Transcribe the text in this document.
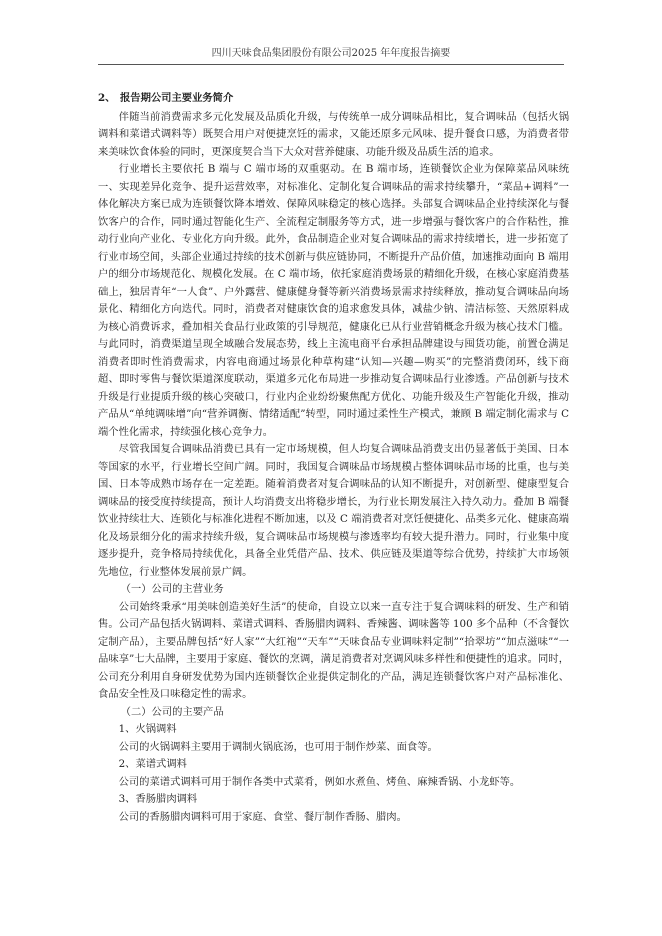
四川天味食品集团股份有限公司2025 年年度报告摘要
2、 报告期公司主要业务简介

伴随当前消费需求多元化发展及品质化升级，与传统单一成分调味品相比，复合调味品（包括火锅调料和菜谱式调料等）既契合用户对便捷烹饪的需求，又能还原多元风味、提升餐食口感，为消费者带来美味饮食体验的同时，更深度契合当下大众对营养健康、功能升级及品质生活的追求。

行业增长主要依托 B 端与 C 端市场的双重驱动。在 B 端市场，连锁餐饮企业为保障菜品风味统一、实现差异化竞争、提升运营效率，对标准化、定制化复合调味品的需求持续攀升，“菜品+调料”一体化解决方案已成为连锁餐饮降本增效、保障风味稳定的核心选择。头部复合调味品企业持续深化与餐饮客户的合作，同时通过智能化生产、全流程定制服务等方式，进一步增强与餐饮客户的合作粘性，推动行业向产业化、专业化方向升级。此外，食品制造企业对复合调味品的需求持续增长，进一步拓宽了行业市场空间，头部企业通过持续的技术创新与供应链协同，不断提升产品价值，加速推动面向 B 端用户的细分市场规范化、规模化发展。在 C 端市场，依托家庭消费场景的精细化升级，在核心家庭消费基础上，独居青年“一人食”、户外露营、健康健身餐等新兴消费场景需求持续释放，推动复合调味品向场景化、精细化方向迭代。同时，消费者对健康饮食的追求愈发具体，减盐少钠、清洁标签、天然原料成为核心消费诉求，叠加相关食品行业政策的引导规范，健康化已从行业营销概念升级为核心技术门槛。与此同时，消费渠道呈现全域融合发展态势，线上主流电商平台承担品牌建设与囤货功能，前置仓满足消费者即时性消费需求，内容电商通过场景化种草构建“认知—兴趣—购买”的完整消费闭环，线下商超、即时零售与餐饮渠道深度联动，渠道多元化布局进一步推动复合调味品行业渗透。产品创新与技术升级是行业提质升级的核心突破口，行业内企业纷纷聚焦配方优化、功能升级及生产智能化升级，推动产品从“单纯调味增”向“营养调衡、情绪适配”转型，同时通过柔性生产模式，兼顾 B 端定制化需求与 C 端个性化需求，持续强化核心竞争力。

尽管我国复合调味品消费已具有一定市场规模，但人均复合调味品消费支出仍显著低于美国、日本等国家的水平，行业增长空间广阔。同时，我国复合调味品市场规模占整体调味品市场的比重，也与美国、日本等成熟市场存在一定差距。随着消费者对复合调味品的认知不断提升，对创新型、健康型复合调味品的接受度持续提高，预计人均消费支出将稳步增长，为行业长期发展注入持久动力。叠加 B 端餐饮业持续壮大、连锁化与标准化进程不断加速，以及 C 端消费者对烹饪便捷化、品类多元化、健康高端化及场景细分化的需求持续升级，复合调味品市场规模与渗透率均有较大提升潜力。同时，行业集中度逐步提升，竞争格局持续优化，具备全业凭借产品、技术、供应链及渠道等综合优势，持续扩大市场领先地位，行业整体发展前景广阔。

（一）公司的主营业务

公司始终秉承“用美味创造美好生活”的使命，自设立以来一直专注于复合调味料的研发、生产和销售。公司产品包括火锅调料、菜谱式调料、香肠腊肉调料、香辣酱、调味酱等 100 多个品种（不含餐饮定制产品），主要品牌包括“好人家”“大红袍”“天车”“天味食品专业调味料定制”“拾翠坊”“加点滋味”“一品味享”七大品牌，主要用于家庭、餐饮的烹调，满足消费者对烹调风味多样性和便捷性的追求。同时，公司充分利用自身研发优势为国内连锁餐饮企业提供定制化的产品，满足连锁餐饮客户对产品标准化、食品安全性及口味稳定性的需求。

（二）公司的主要产品
1、火锅调料
公司的火锅调料主要用于调制火锅底汤，也可用于制作炒菜、面食等。
2、菜谱式调料
公司的菜谱式调料可用于制作各类中式菜肴，例如水煮鱼、烤鱼、麻辣香锅、小龙虾等。
3、香肠腊肉调料
公司的香肠腊肉调料可用于家庭、食堂、餐厅制作香肠、腊肉。
